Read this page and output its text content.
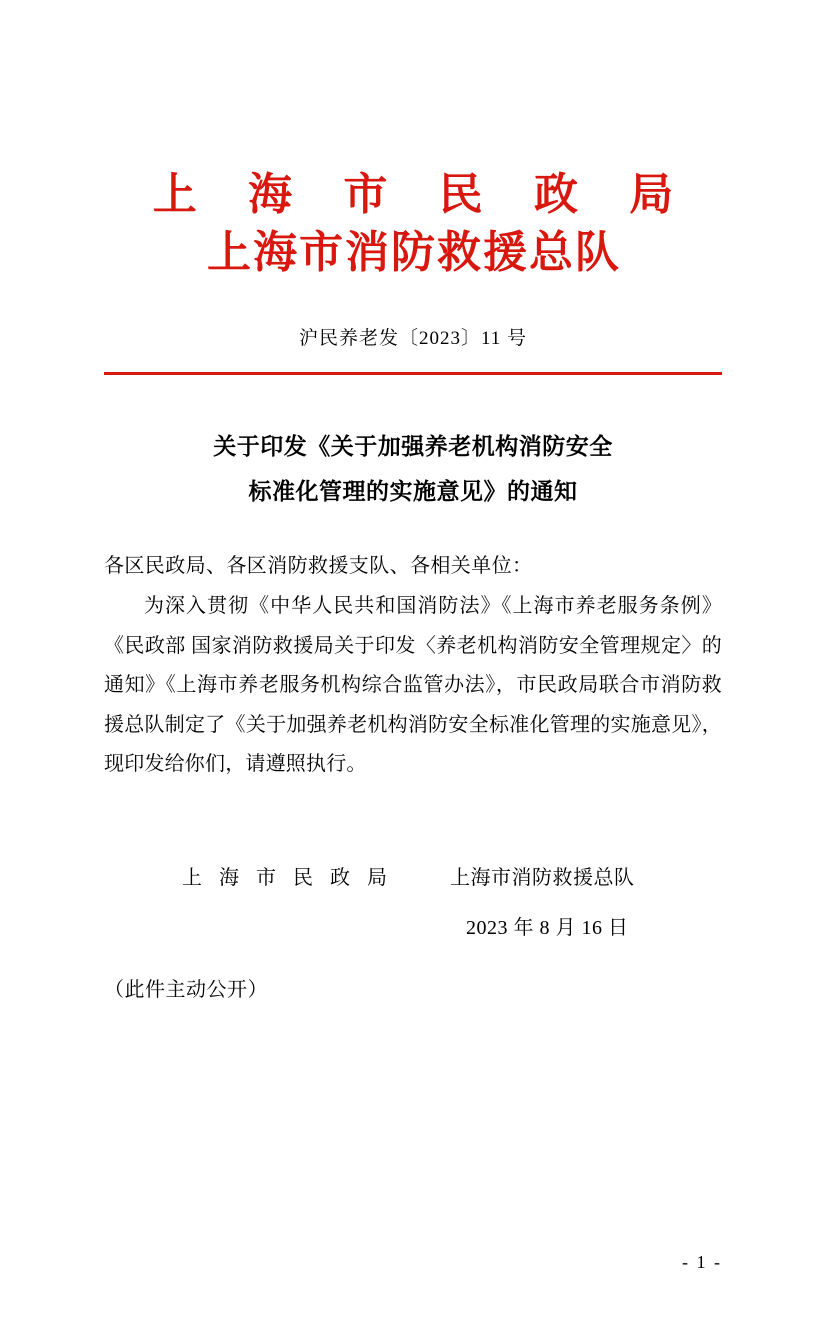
上 海 市 民 政 局
上海市消防救援总队
沪民养老发〔2023〕11 号
关于印发《关于加强养老机构消防安全
标准化管理的实施意见》的通知
各区民政局、各区消防救援支队、各相关单位：
为深入贯彻《中华人民共和国消防法》《上海市养老服务条例》《民政部 国家消防救援局关于印发〈养老机构消防安全管理规定〉的通知》《上海市养老服务机构综合监管办法》，市民政局联合市消防救援总队制定了《关于加强养老机构消防安全标准化管理的实施意见》，现印发给你们，请遵照执行。
上 海 市 民 政 局	上海市消防救援总队
2023 年 8 月 16 日
（此件主动公开）
- 1 -
